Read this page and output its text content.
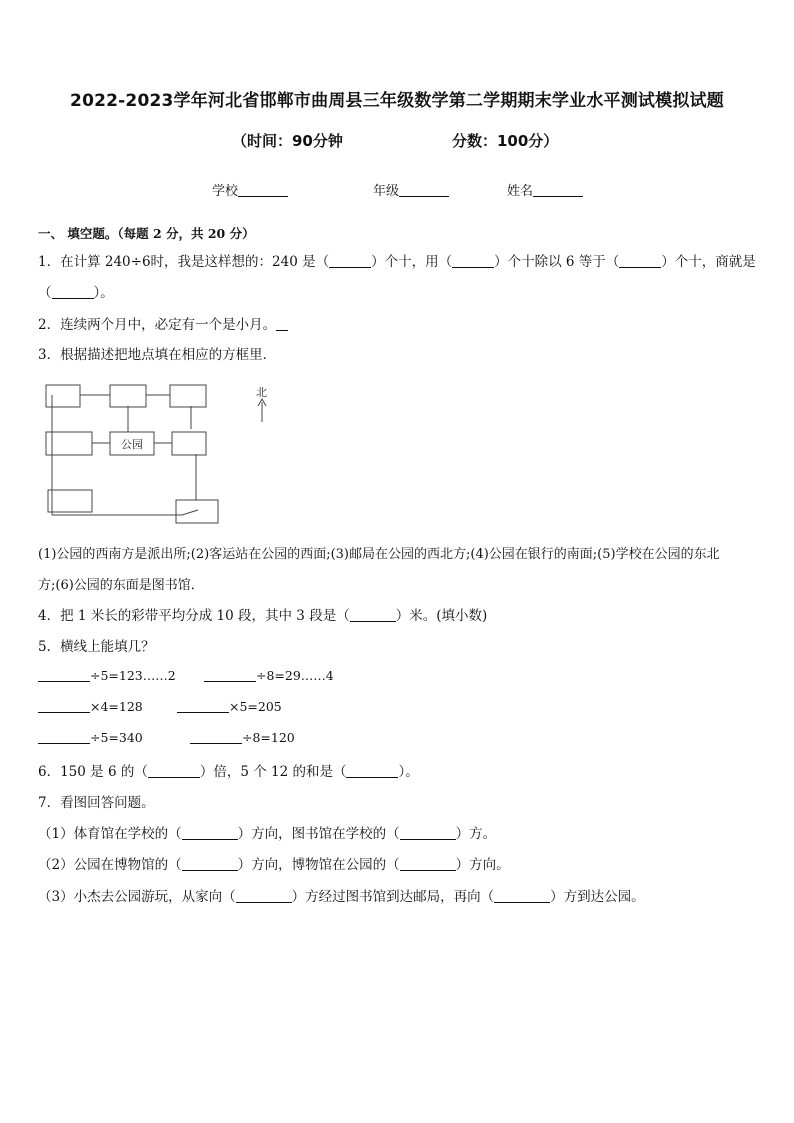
2022-2023学年河北省邯郸市曲周县三年级数学第二学期期末学业水平测试模拟试题
（时间：90分钟	分数：100分）
学校	年级	姓名
一、 填空题。（每题 2 分，共 20 分）
1．在计算 240÷6时，我是这样想的：240 是（	）个十，用（	）个十除以 6 等于（	）个十，商就是
（	）。
2．连续两个月中，必定有一个是小月。
3．根据描述把地点填在相应的方框里．
公园
北
(1)公园的西南方是派出所;(2)客运站在公园的西面;(3)邮局在公园的西北方;(4)公园在银行的南面;(5)学校在公园的东北
方;(6)公园的东面是图书馆．
4．把 1 米长的彩带平均分成 10 段，其中 3 段是（	）米。(填小数)
5．横线上能填几？
÷5=123……2	÷8=29……4
×4=128	×5=205
÷5=340	÷8=120
6．150 是 6 的（	）倍，5 个 12 的和是（	）。
7．看图回答问题。
（1）体育馆在学校的（	）方向，图书馆在学校的（	）方。
（2）公园在博物馆的（	）方向，博物馆在公园的（	）方向。
（3）小杰去公园游玩，从家向（	）方经过图书馆到达邮局，再向（	）方到达公园。
